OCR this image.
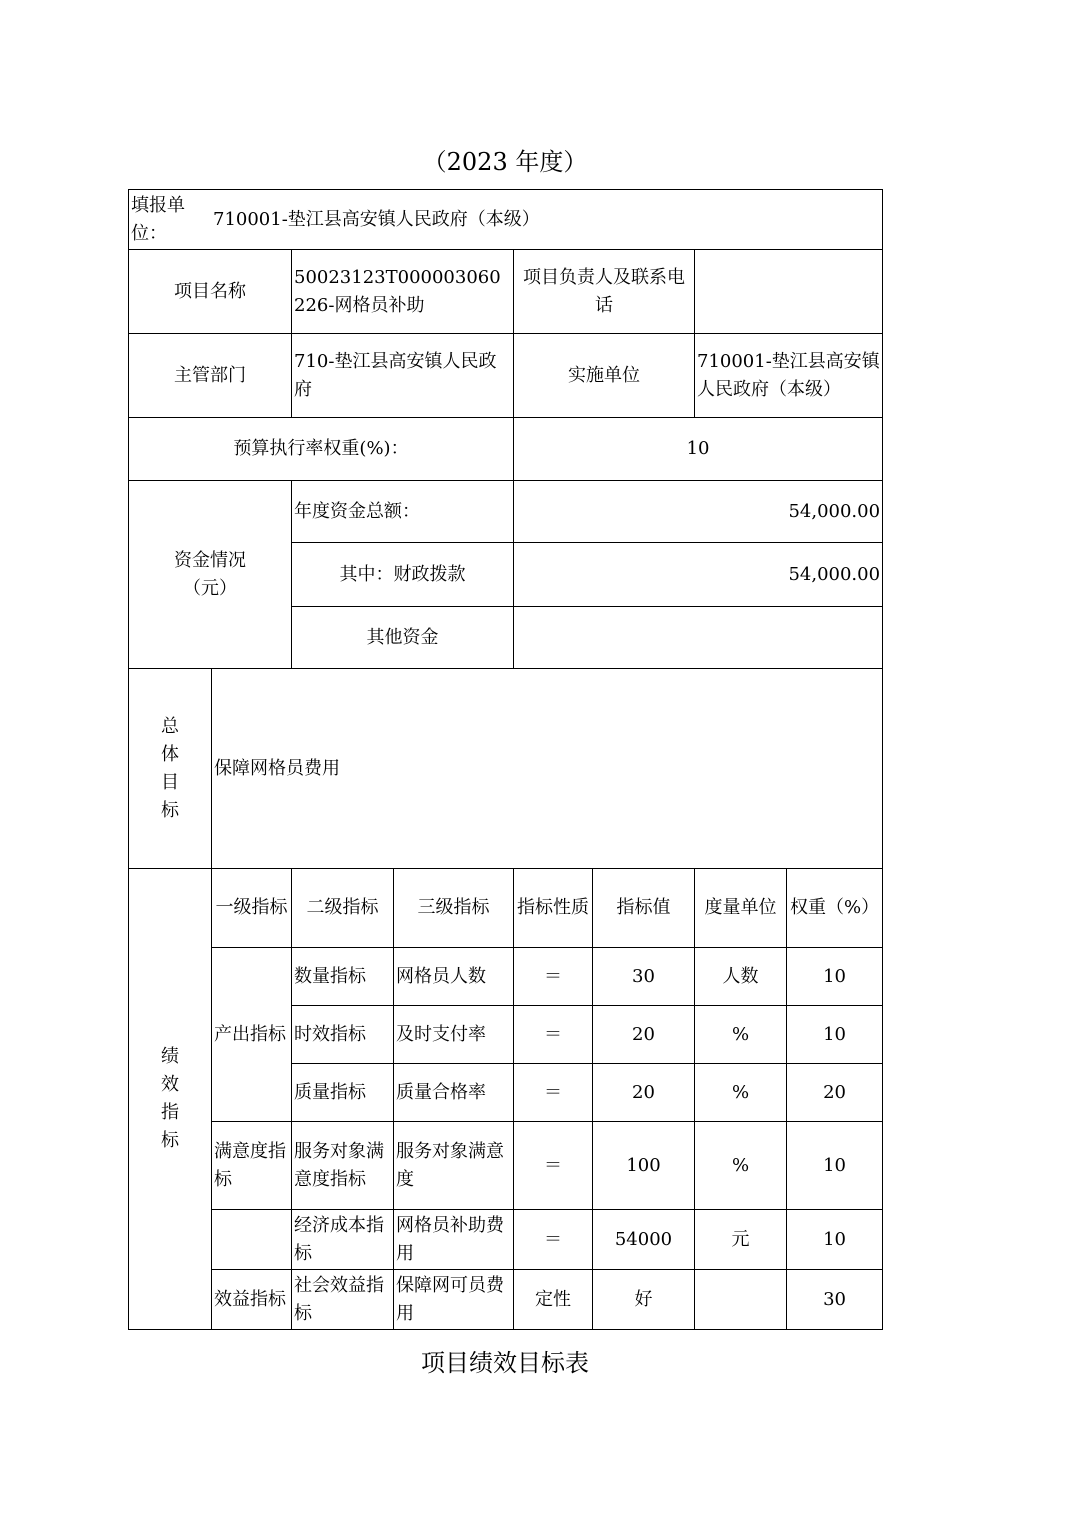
（2023 年度）
填报单位：
710001-垫江县高安镇人民政府（本级）							

项目名称		50023123T000003060226-网格员补助		项目负责人及联系电话			
主管部门		710-垫江县高安镇人民政府		实施单位		710001-垫江县高安镇人民政府（本级）	
预算执行率权重(%)：				10			
资金情况（元）		年度资金总额：		54,000.00			
		其中：财政拨款		54,000.00			
		其他资金					

总体目标	保障网格员费用						

绩效指标	一级指标	二级指标	三级指标	指标性质	指标值	度量单位	权重（%）
	产出指标	数量指标	网格员人数	＝	30	人数	10
		时效指标	及时支付率	＝	20	%	10
		质量指标	质量合格率	＝	20	%	20
	满意度指标	服务对象满意度指标	服务对象满意度	＝	100	%	10
		经济成本指标	网格员补助费用	＝	54000	元	10
	效益指标	社会效益指标	保障网可员费用	定性	好		30
项目绩效目标表
